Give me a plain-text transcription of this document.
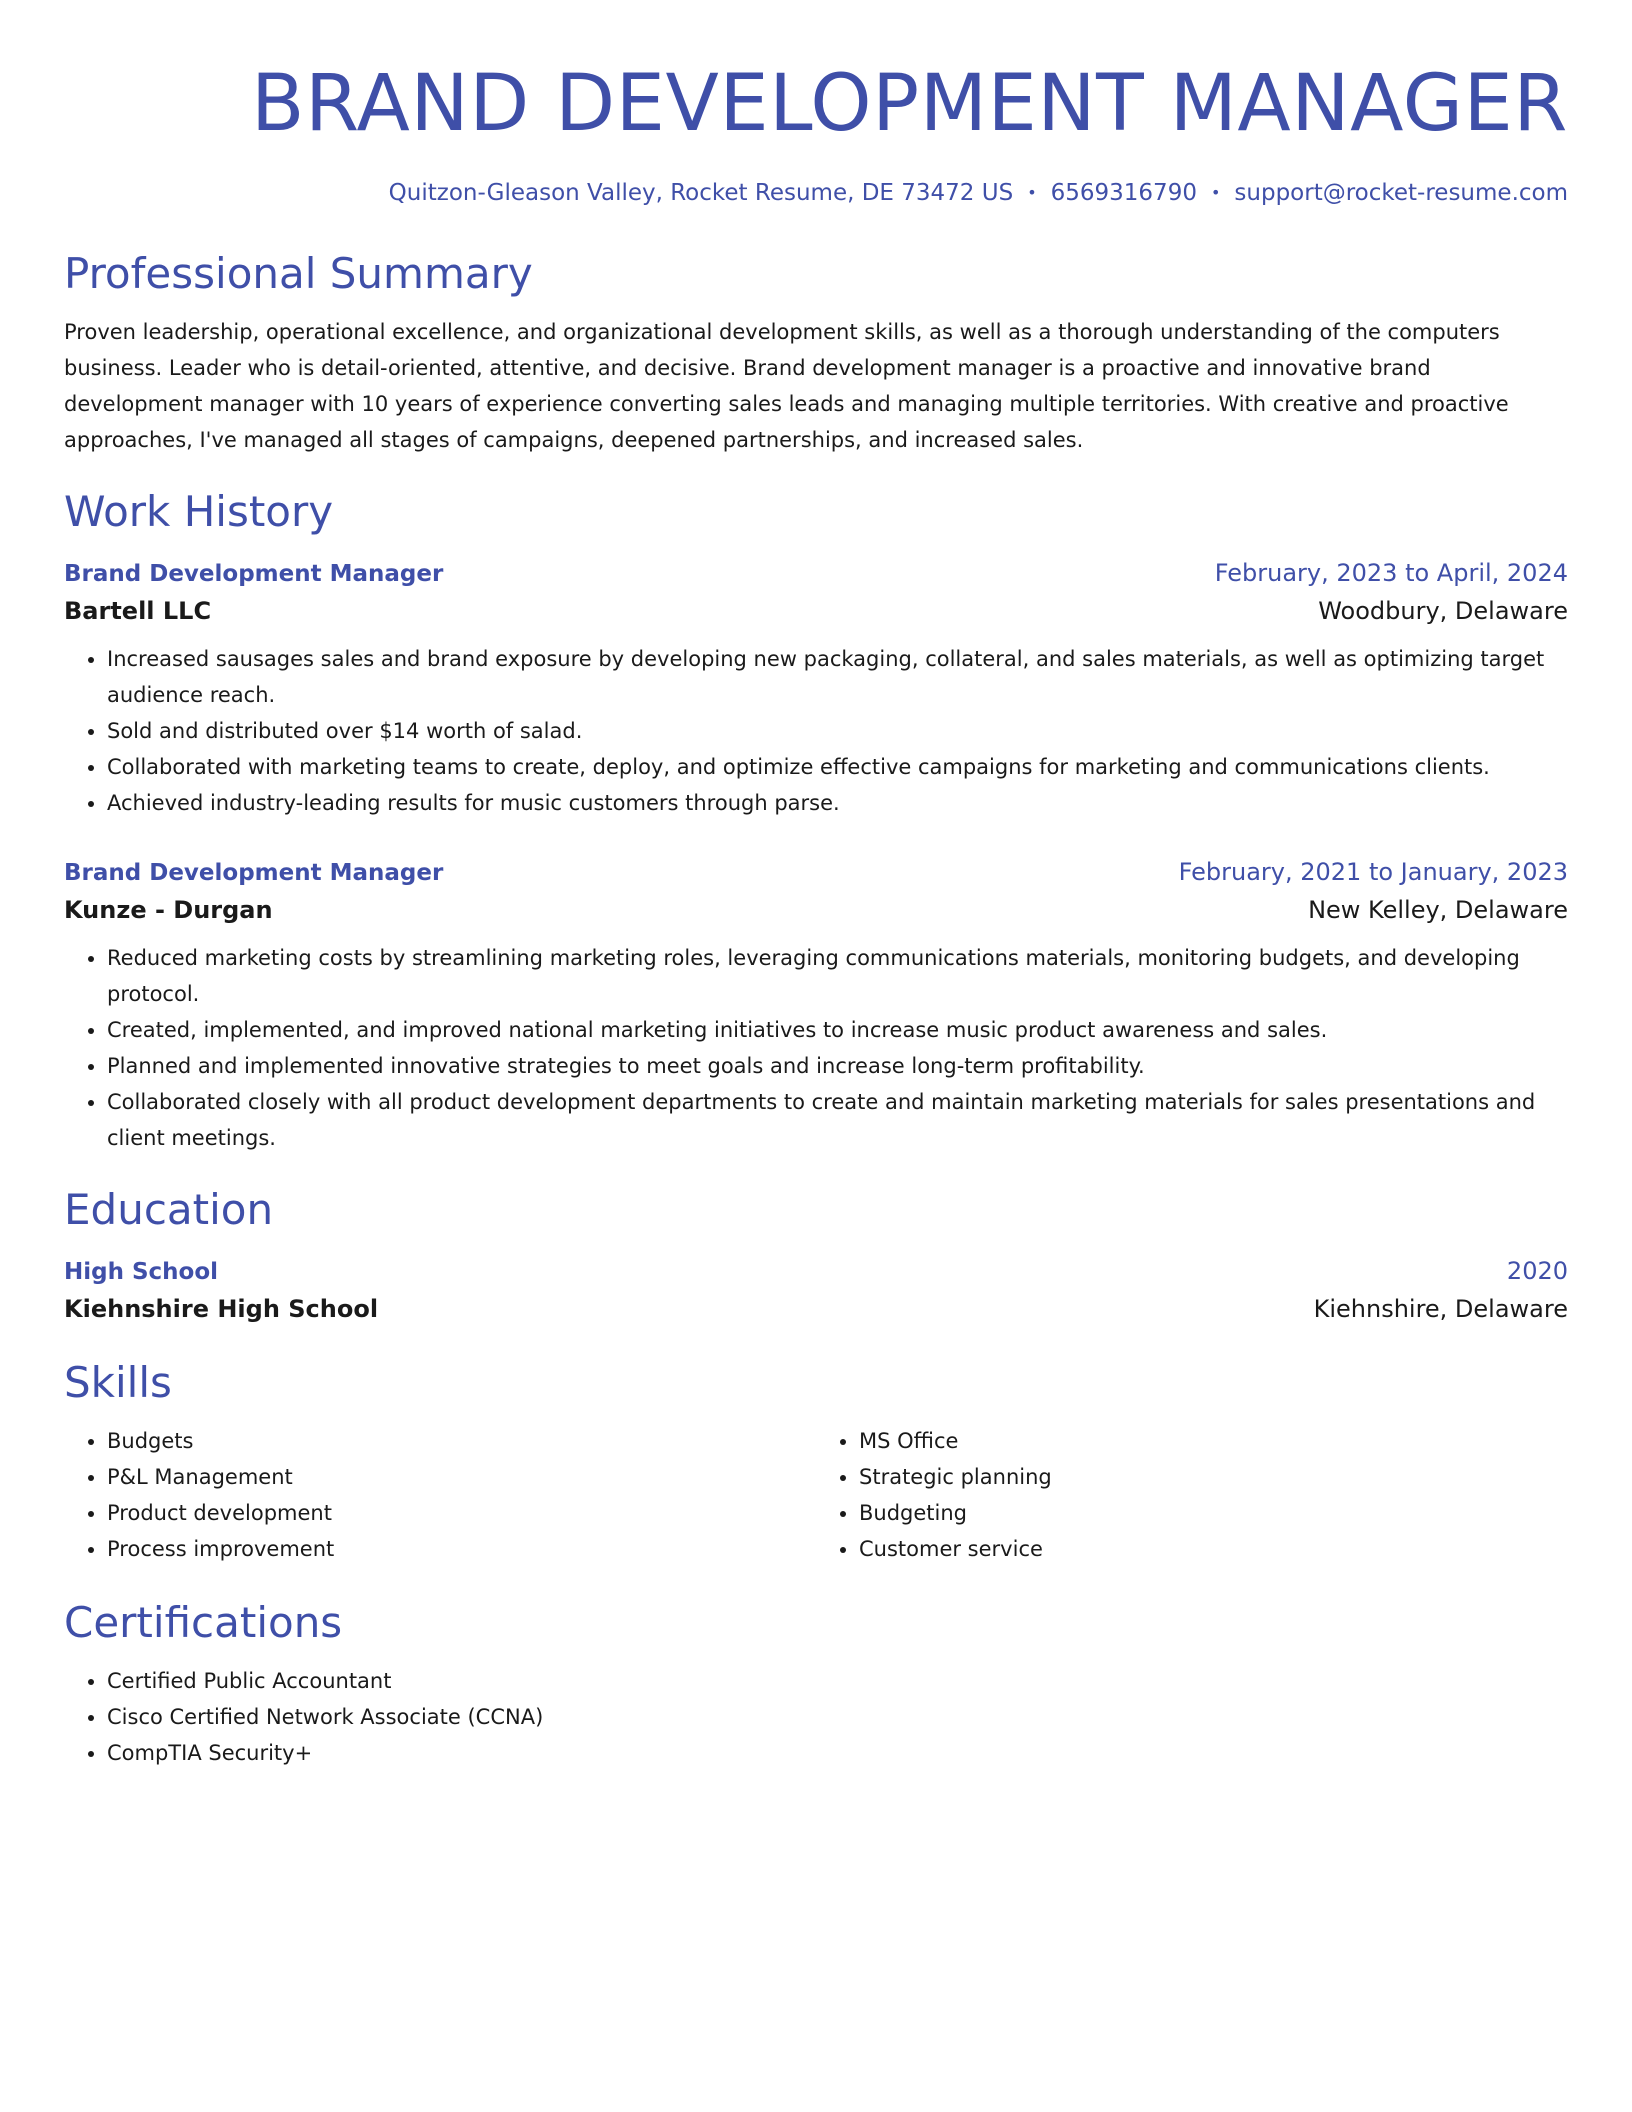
BRAND DEVELOPMENT MANAGER
Quitzon-Gleason Valley, Rocket Resume, DE 73472 US • 6569316790 • support@rocket-resume.com
Professional Summary

Proven leadership, operational excellence, and organizational development skills, as well as a thorough understanding of the computers business. Leader who is detail-oriented, attentive, and decisive. Brand development manager is a proactive and innovative brand development manager with 10 years of experience converting sales leads and managing multiple territories. With creative and proactive approaches, I've managed all stages of campaigns, deepened partnerships, and increased sales.

Work History
Brand Development Manager	February, 2023 to April, 2024
Bartell LLC	Woodbury, Delaware
• Increased sausages sales and brand exposure by developing new packaging, collateral, and sales materials, as well as optimizing target audience reach.
• Sold and distributed over $14 worth of salad.
• Collaborated with marketing teams to create, deploy, and optimize effective campaigns for marketing and communications clients.
• Achieved industry-leading results for music customers through parse.
Brand Development Manager	February, 2021 to January, 2023
Kunze - Durgan	New Kelley, Delaware
• Reduced marketing costs by streamlining marketing roles, leveraging communications materials, monitoring budgets, and developing protocol.
• Created, implemented, and improved national marketing initiatives to increase music product awareness and sales.
• Planned and implemented innovative strategies to meet goals and increase long-term profitability.
• Collaborated closely with all product development departments to create and maintain marketing materials for sales presentations and client meetings.
Education
High School	2020
Kiehnshire High School	Kiehnshire, Delaware
Skills
• Budgets
• P&L Management
• Product development
• Process improvement
• MS Office
• Strategic planning
• Budgeting
• Customer service
Certifications
• Certified Public Accountant
• Cisco Certified Network Associate (CCNA)
• CompTIA Security+
